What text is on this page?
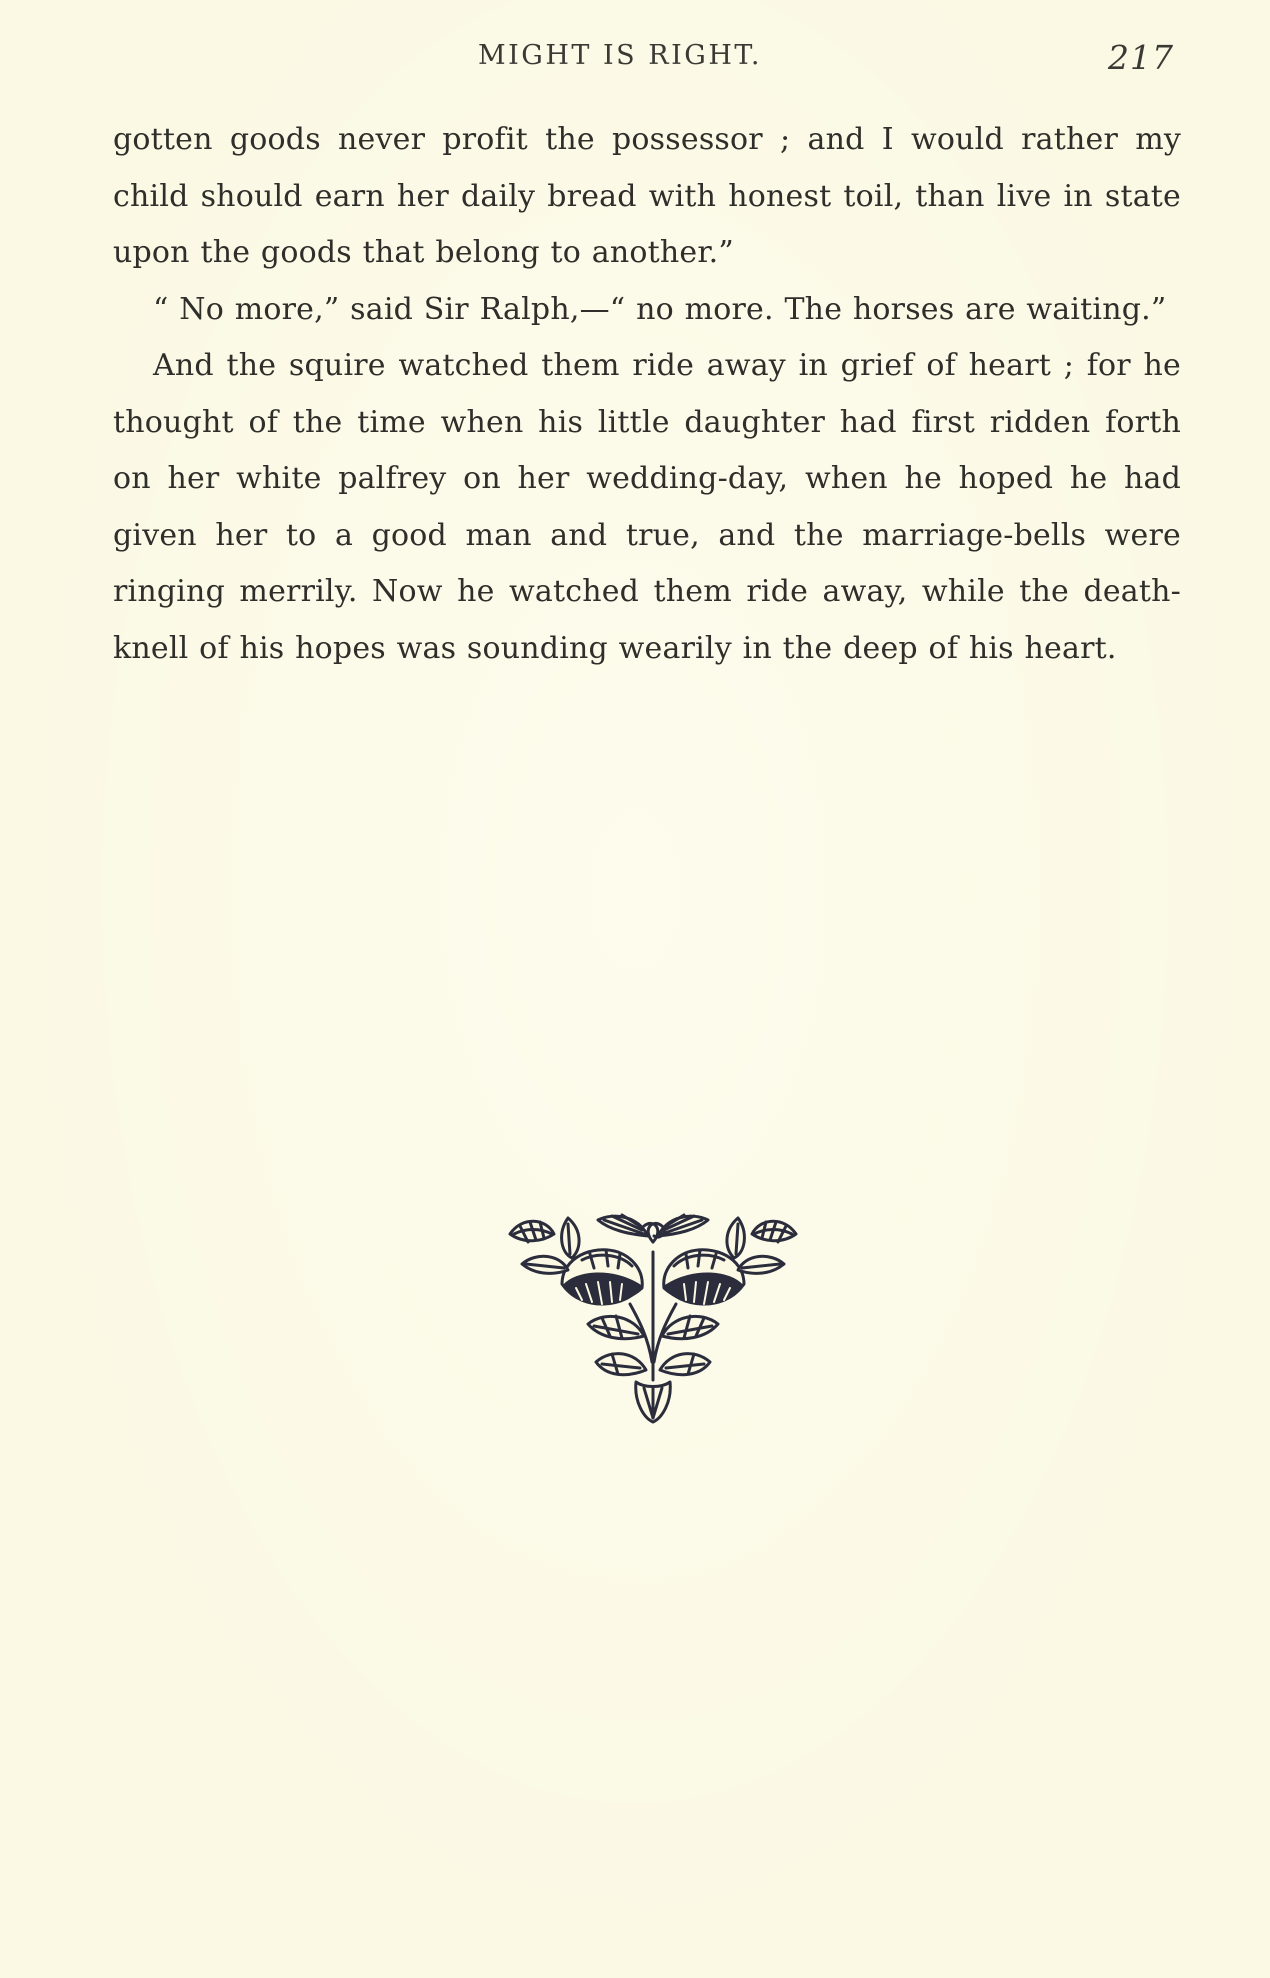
MIGHT IS RIGHT.	217

gotten goods never profit the possessor ; and I would rather my child should earn her daily bread with honest toil, than live in state upon the goods that belong to another.”

“ No more,” said Sir Ralph,—“ no more. The horses are waiting.”

And the squire watched them ride away in grief of heart ; for he thought of the time when his little daughter had first ridden forth on her white palfrey on her wedding-day, when he hoped he had given her to a good man and true, and the marriage-bells were ringing merrily. Now he watched them ride away, while the death-knell of his hopes was sounding wearily in the deep of his heart.
